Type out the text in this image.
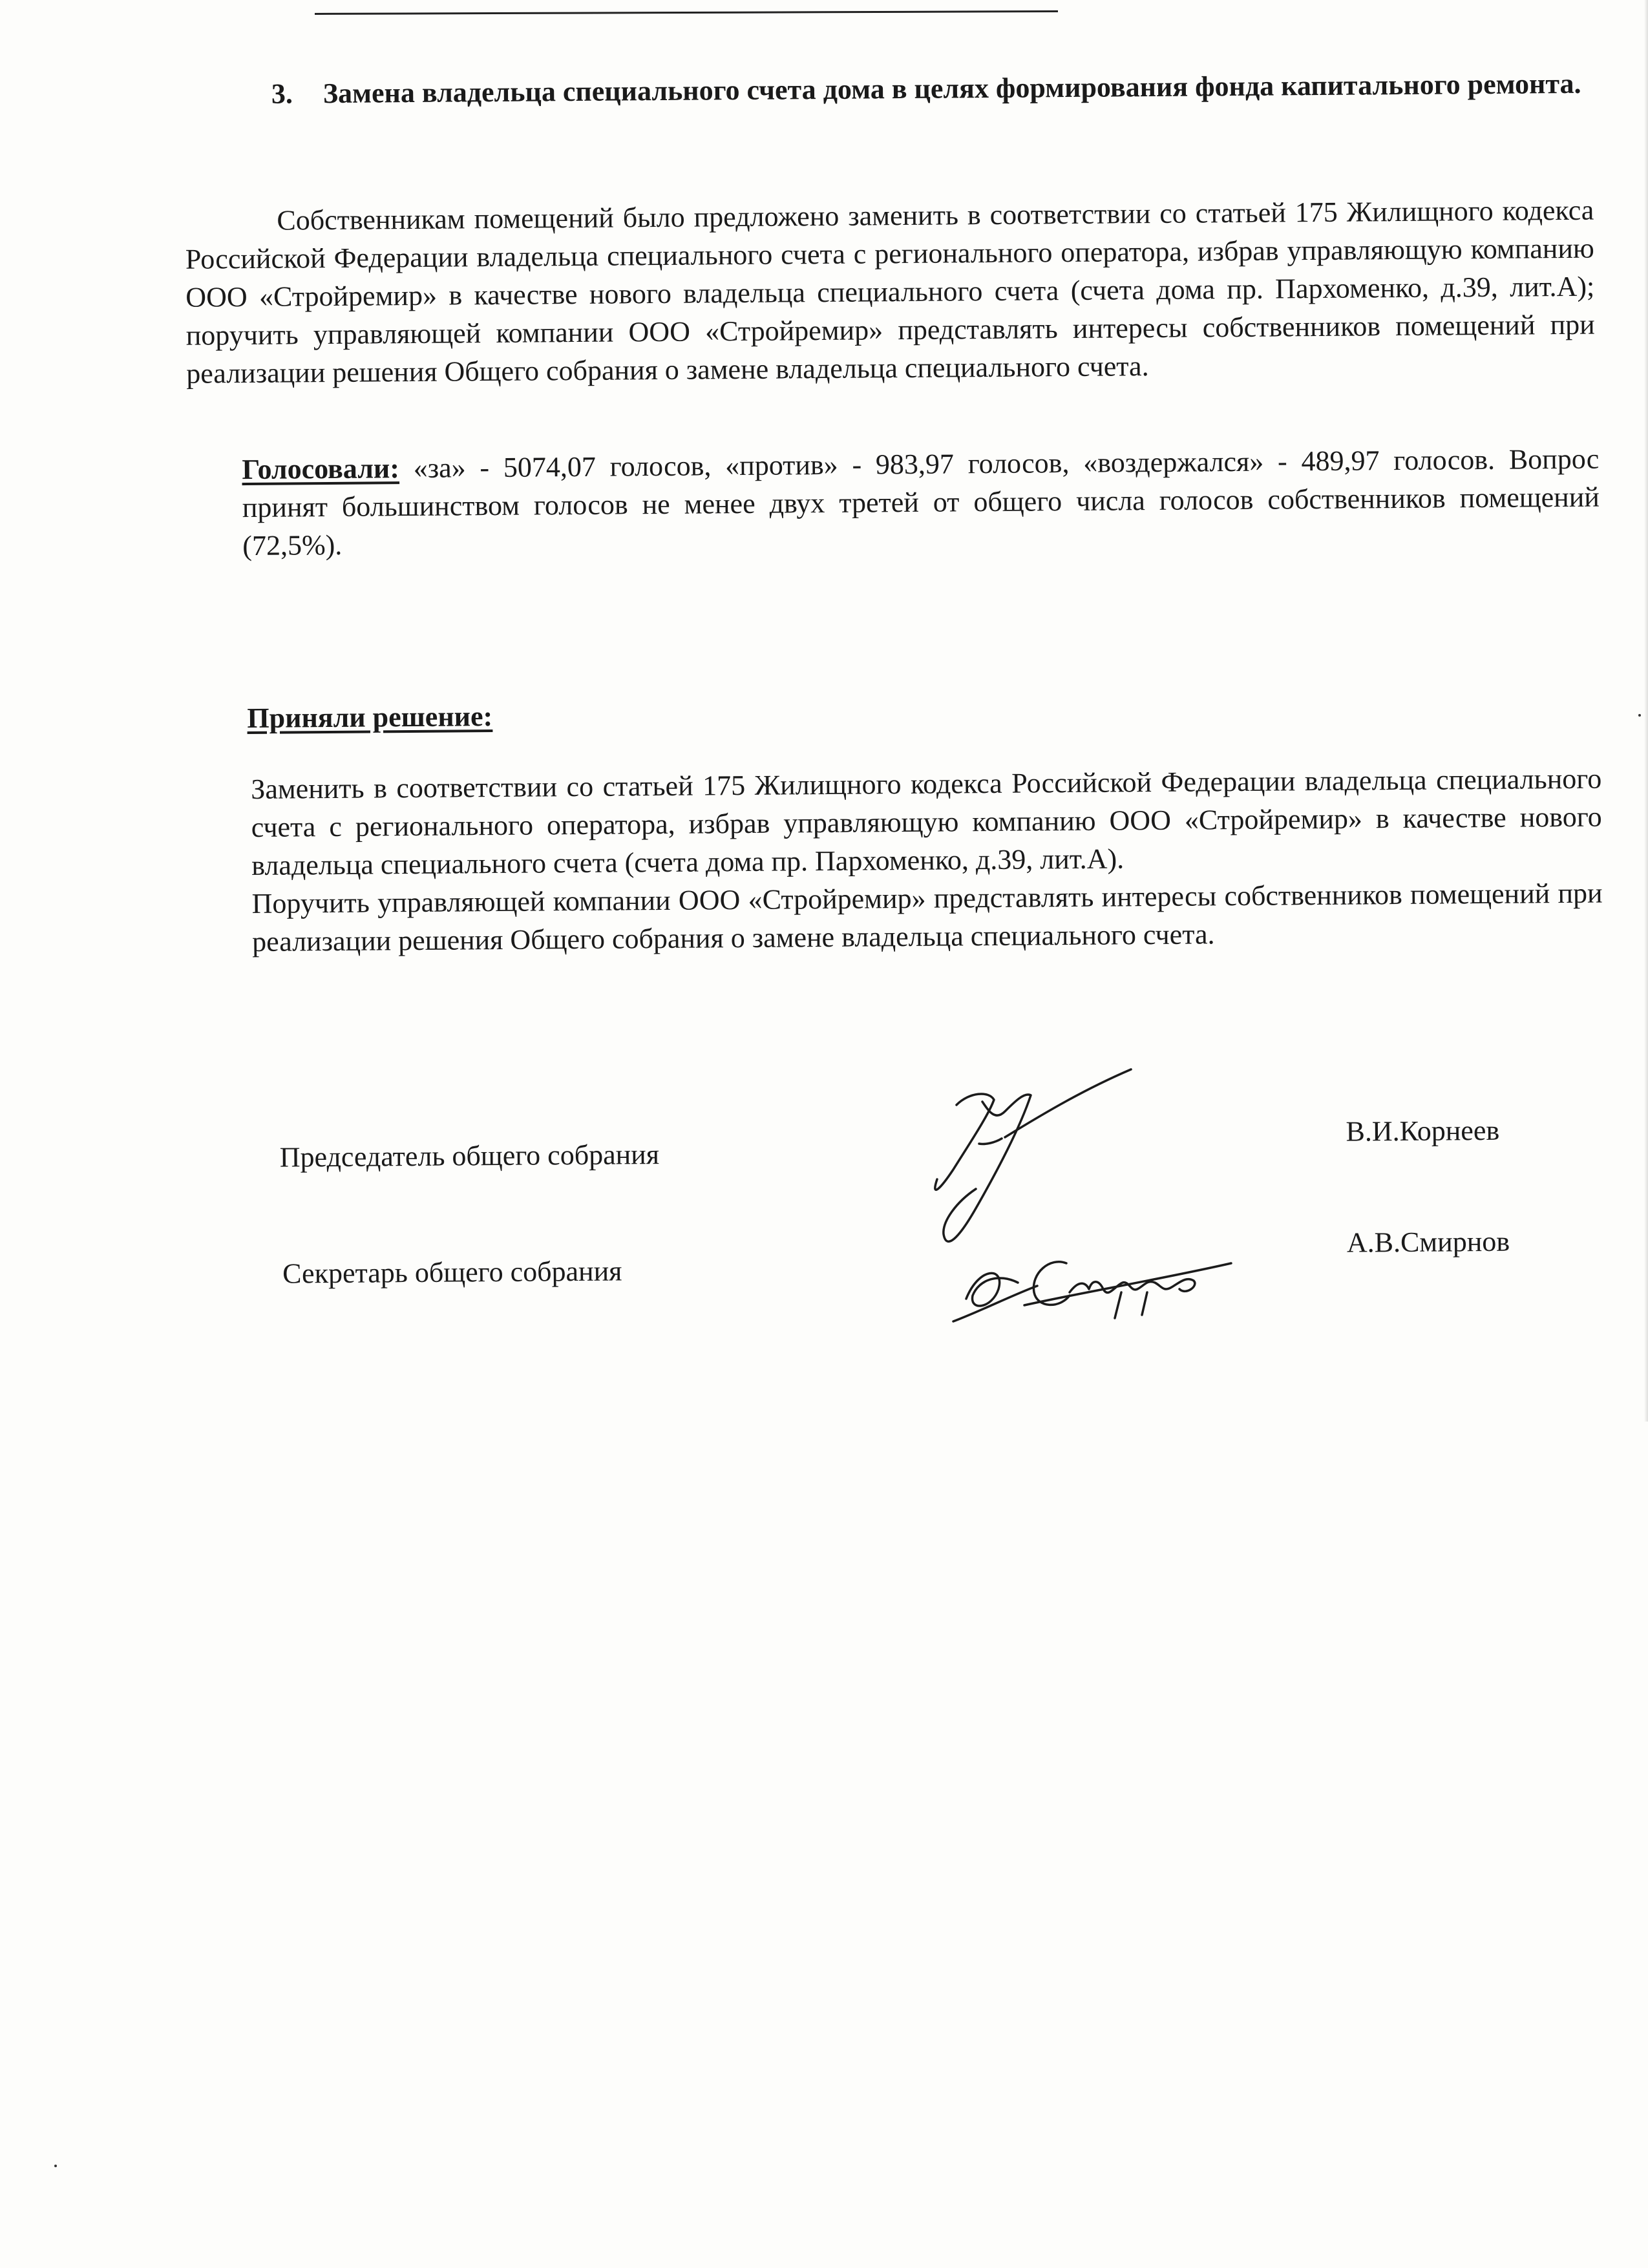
3.	Замена владельца специального счета дома в целях формирования фонда капитального ремонта.
Собственникам помещений было предложено заменить в соответствии со статьей 175 Жилищного кодекса Российской Федерации владельца специального счета с регионального оператора, избрав управляющую компанию ООО «Стройремир» в качестве нового владельца специального счета (счета дома пр. Пархоменко, д.39, лит.А); поручить управляющей компании ООО «Стройремир» представлять интересы собственников помещений при реализации решения Общего собрания о замене владельца специального счета.
Голосовали: «за» - 5074,07 голосов, «против» - 983,97 голосов, «воздержался» - 489,97 голосов. Вопрос принят большинством голосов не менее двух третей от общего числа голосов собственников помещений (72,5%).
Приняли решение:

Заменить в соответствии со статьей 175 Жилищного кодекса Российской Федерации владельца специального счета с регионального оператора, избрав управляющую компанию ООО «Стройремир» в качестве нового владельца специального счета (счета дома пр. Пархоменко, д.39, лит.А).

Поручить управляющей компании ООО «Стройремир» представлять интересы собственников помещений при реализации решения Общего собрания о замене владельца специального счета.

Председатель общего собрания
В.И.Корнеев
Секретарь общего собрания
А.В.Смирнов
